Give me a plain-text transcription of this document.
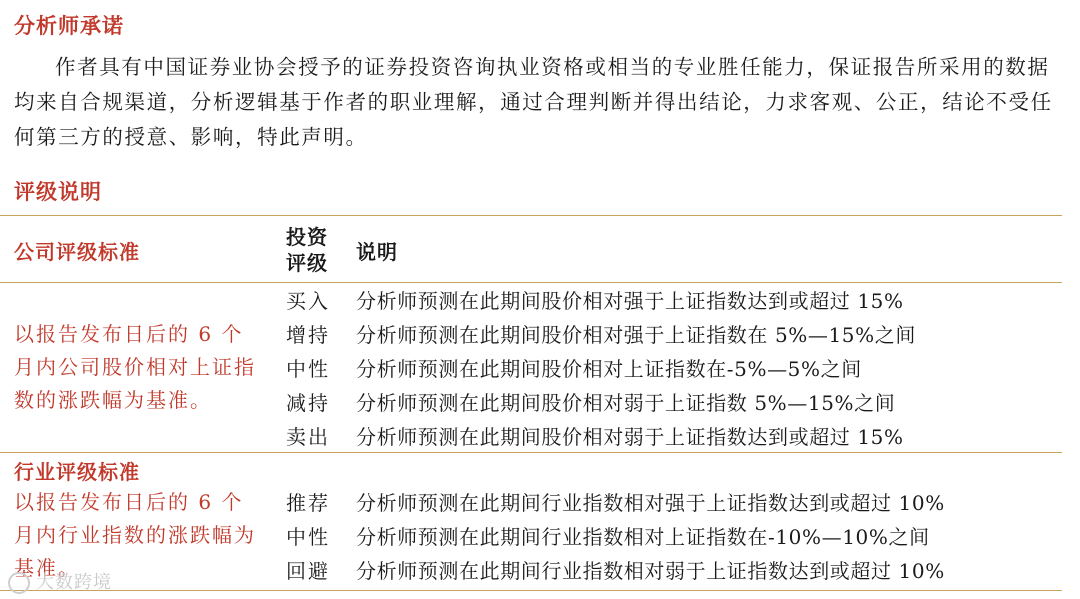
分析师承诺

作者具有中国证券业协会授予的证券投资咨询执业资格或相当的专业胜任能力，保证报告所采用的数据均来自合规渠道，分析逻辑基于作者的职业理解，通过合理判断并得出结论，力求客观、公正，结论不受任何第三方的授意、影响，特此声明。

评级说明
公司评级标准
投资评级 说明
以报告发布日后的 6 个月内公司股价相对上证指数的涨跌幅为基准。
买入 分析师预测在此期间股价相对强于上证指数达到或超过 15%
增持 分析师预测在此期间股价相对强于上证指数在 5%—15%之间
中性 分析师预测在此期间股价相对上证指数在-5%—5%之间
减持 分析师预测在此期间股价相对弱于上证指数 5%—15%之间
卖出 分析师预测在此期间股价相对弱于上证指数达到或超过 15%
行业评级标准
以报告发布日后的 6 个月内行业指数的涨跌幅为基准。
推荐 分析师预测在此期间行业指数相对强于上证指数达到或超过 10%
中性 分析师预测在此期间行业指数相对上证指数在-10%—10%之间
回避 分析师预测在此期间行业指数相对弱于上证指数达到或超过 10%
大数跨境
